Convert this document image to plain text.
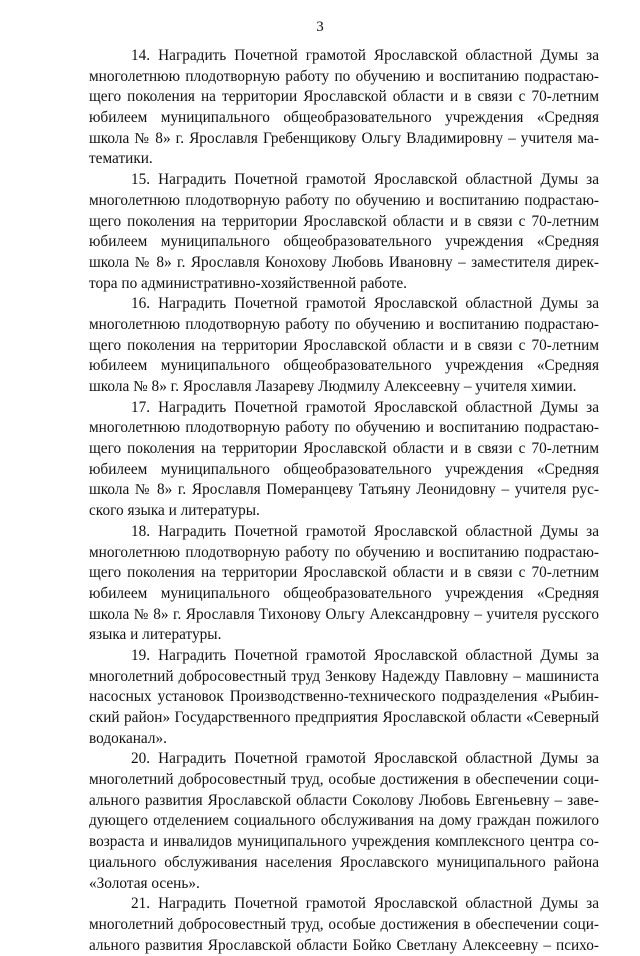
3
14. Наградить Почетной грамотой Ярославской областной Думы за
многолетнюю плодотворную работу по обучению и воспитанию подрастаю-
щего поколения на территории Ярославской области и в связи с 70-летним
юбилеем муниципального общеобразовательного учреждения «Средняя
школа № 8» г. Ярославля Гребенщикову Ольгу Владимировну – учителя ма-
тематики.
15. Наградить Почетной грамотой Ярославской областной Думы за
многолетнюю плодотворную работу по обучению и воспитанию подрастаю-
щего поколения на территории Ярославской области и в связи с 70-летним
юбилеем муниципального общеобразовательного учреждения «Средняя
школа № 8» г. Ярославля Конохову Любовь Ивановну – заместителя дирек-
тора по административно-хозяйственной работе.
16. Наградить Почетной грамотой Ярославской областной Думы за
многолетнюю плодотворную работу по обучению и воспитанию подрастаю-
щего поколения на территории Ярославской области и в связи с 70-летним
юбилеем муниципального общеобразовательного учреждения «Средняя
школа № 8» г. Ярославля Лазареву Людмилу Алексеевну – учителя химии.
17. Наградить Почетной грамотой Ярославской областной Думы за
многолетнюю плодотворную работу по обучению и воспитанию подрастаю-
щего поколения на территории Ярославской области и в связи с 70-летним
юбилеем муниципального общеобразовательного учреждения «Средняя
школа № 8» г. Ярославля Померанцеву Татьяну Леонидовну – учителя рус-
ского языка и литературы.
18. Наградить Почетной грамотой Ярославской областной Думы за
многолетнюю плодотворную работу по обучению и воспитанию подрастаю-
щего поколения на территории Ярославской области и в связи с 70-летним
юбилеем муниципального общеобразовательного учреждения «Средняя
школа № 8» г. Ярославля Тихонову Ольгу Александровну – учителя русского
языка и литературы.
19. Наградить Почетной грамотой Ярославской областной Думы за
многолетний добросовестный труд Зенкову Надежду Павловну – машиниста
насосных установок Производственно-технического подразделения «Рыбин-
ский район» Государственного предприятия Ярославской области «Северный
водоканал».
20. Наградить Почетной грамотой Ярославской областной Думы за
многолетний добросовестный труд, особые достижения в обеспечении соци-
ального развития Ярославской области Соколову Любовь Евгеньевну – заве-
дующего отделением социального обслуживания на дому граждан пожилого
возраста и инвалидов муниципального учреждения комплексного центра со-
циального обслуживания населения Ярославского муниципального района
«Золотая осень».
21. Наградить Почетной грамотой Ярославской областной Думы за
многолетний добросовестный труд, особые достижения в обеспечении соци-
ального развития Ярославской области Бойко Светлану Алексеевну – психо-
